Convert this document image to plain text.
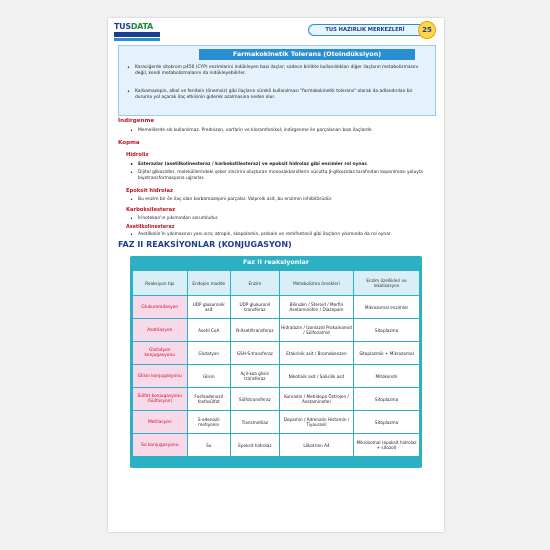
TUSDATA	TUS HAZIRLIK MERKEZLERİ	25
Farmakokinetik Tolerans (Otoindüksiyon)
• Karaciğerde sitokrom p450 (CYP) enzimlerini indükleyen bazı ilaçlar; sadece birlikte kullanıldıkları diğer ilaçların metabolizmasını değil, kendi metabolizmalarını da indükleyebilirler.
• Karbamazepin, alkol ve fenitoin (önemsiz) gibi ilaçların sürekli kullanılması "farmakokinetik tolerans" olarak da adlandırılan bir duruma yol açarak ilaç etkisinin giderek azalmasına neden olur.
İndirgenme
• Memelilerde sık kullanılmaz. Prednizon, varfarin ve kloramfenikol; indirgenme ile parçalanan bazı ilaçlardır.
Kopma
Hidroliz
• Esterazlar (asetilkolinesteraz / karbokstilesteraz) ve epoksit hidrolaz gibi enzimler rol oynar.
• Dijital glikozidler, moleküllerindeki şeker zincirini oluşturan monosakkaridlerin vücutta β-glikozidaz tarafından koparılması yoluyla biyotransformasyona uğrarlar.
Epoksit hidrolaz
• Bu enzim bir ön ilaç olan karbamazepini parçalar. Valproik asit, bu enzimin inhibitörüdür.
Karboksilesteraz
• İrinotekan'ın yıkımından sorumludur.
Asetilkolinesteraz
• Asetilkolin'in yıkımasının yanı sıra; atropin, skopolamin, prokain ve remifentanil gibi ilaçların yıkımında da rol oynar.
FAZ II REAKSİYONLAR (KONJUGASYON)
Faz II reaksiyonlar
Reaksiyon tipi	Endojen madde	Enzim	Metabolizma örnekleri	Enzim özellikleri ve lokalizasyon
Glukuronidasyon	UDP glukuronik asit	UDP glukuronil transferaz	Bilirubin / Steroid / Morfin Asetaminofen / Diazepam	Mikrozomal enzimler
Asetilasyon	Asetil CoA	N-Asetiltransferaz	Hidralazin / İzoniazid Prokainamid / Sülfonamid	Sitoplazma
Glutatyon konjugasyonu	Glutatyon	GSH-S-transferaz	Etakrinik asit / Bromobenzen	Sitoplazmik + Mikrozomal
Glisin konjugasyonu	Glisin	Açil-koa glisin transferaz	Nikotinik asit / Salisilik asit	Mitokondri
Sülfat konjugasyonu (Sülfasyon)	Fosfoadenozil fosfosülfat	Sülfotransferaz	Kumadin / Metildopa Östrojen / Asetaminofen	Sitoplazma
Metilasyon	S-adenozil metiyonin	Transmetilaz	Dopamin / Adrenalin Histamin / Tiyourasil	Sitoplazma
Su konjugasyonu	Su	Epoksit hidrolaz	Lökotrien A4	Mikrozomal (epoksit hidrolaz + sitozol)
